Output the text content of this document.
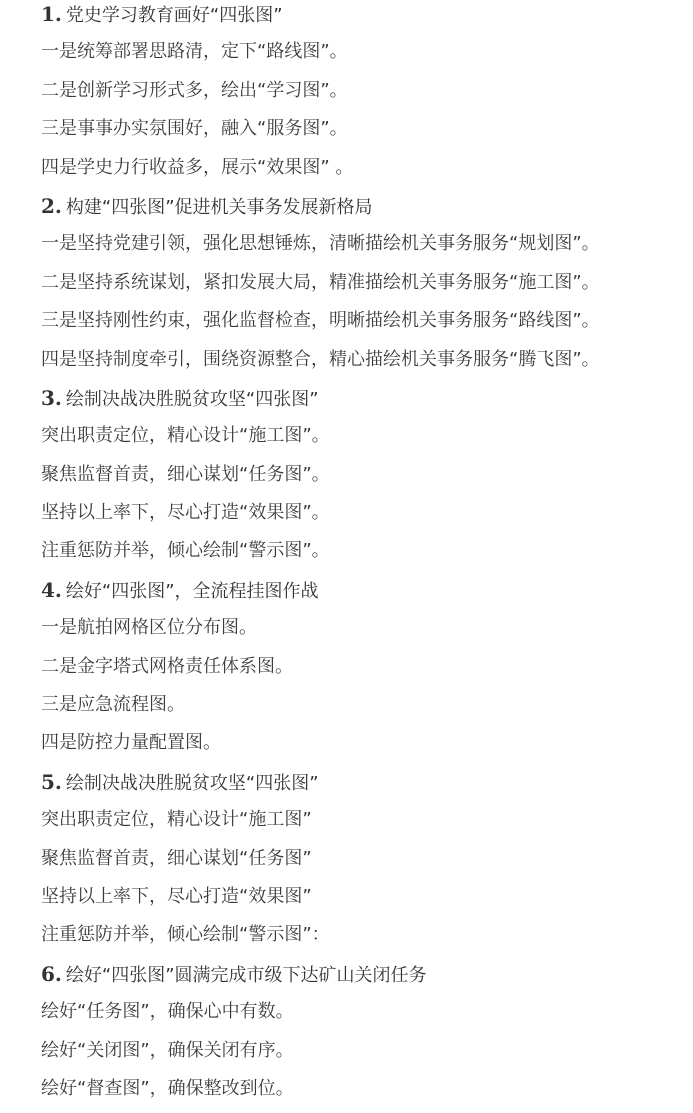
1. 党史学习教育画好“四张图”
一是统筹部署思路清，定下“路线图”。
二是创新学习形式多，绘出“学习图”。
三是事事办实氛围好，融入“服务图”。
四是学史力行收益多，展示“效果图” 。
2. 构建“四张图”促进机关事务发展新格局
一是坚持党建引领，强化思想锤炼，清晰描绘机关事务服务“规划图”。
二是坚持系统谋划，紧扣发展大局，精准描绘机关事务服务“施工图”。
三是坚持刚性约束，强化监督检查，明晰描绘机关事务服务“路线图”。
四是坚持制度牵引，围绕资源整合，精心描绘机关事务服务“腾飞图”。
3. 绘制决战决胜脱贫攻坚“四张图”
突出职责定位，精心设计“施工图”。
聚焦监督首责，细心谋划“任务图”。
坚持以上率下，尽心打造“效果图”。
注重惩防并举，倾心绘制“警示图”。
4. 绘好“四张图”，全流程挂图作战
一是航拍网格区位分布图。
二是金字塔式网格责任体系图。
三是应急流程图。
四是防控力量配置图。
5. 绘制决战决胜脱贫攻坚“四张图”
突出职责定位，精心设计“施工图”
聚焦监督首责，细心谋划“任务图”
坚持以上率下，尽心打造“效果图”
注重惩防并举，倾心绘制“警示图”：
6. 绘好“四张图”圆满完成市级下达矿山关闭任务
绘好“任务图”，确保心中有数。
绘好“关闭图”，确保关闭有序。
绘好“督查图”，确保整改到位。
